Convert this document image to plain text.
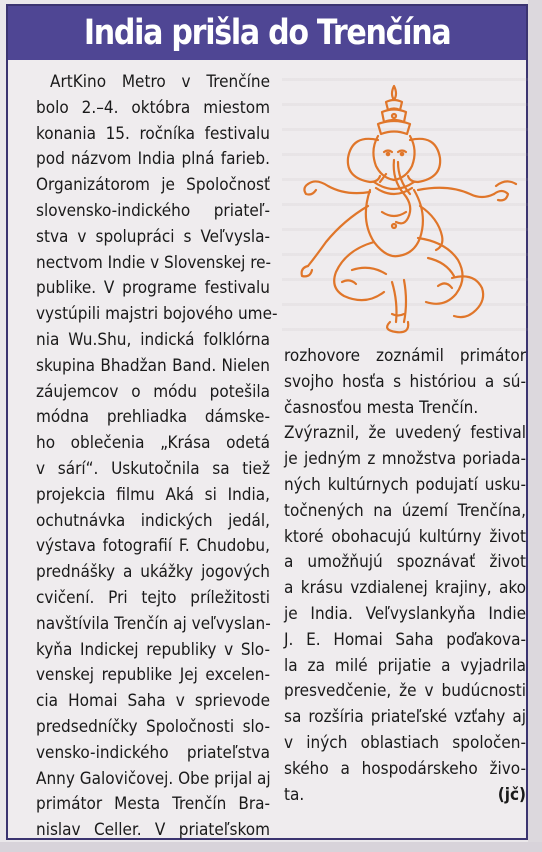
India prišla do Trenčína
ArtKino Metro v Trenčíne
bolo 2.–4. októbra miestom
konania 15. ročníka festivalu
pod názvom India plná farieb.
Organizátorom je Spoločnosť
slovensko-indického priateľ-
stva v spolupráci s Veľvysla-
nectvom Indie v Slovenskej re-
publike. V programe festivalu
vystúpili majstri bojového ume-
nia Wu.Shu, indická folklórna
skupina Bhadžan Band. Nielen
záujemcov o módu potešila
módna prehliadka dámske-
ho oblečenia „Krása odetá
v sárí“. Uskutočnila sa tiež
projekcia filmu Aká si India,
ochutnávka indických jedál,
výstava fotografií F. Chudobu,
prednášky a ukážky jogových
cvičení. Pri tejto príležitosti
navštívila Trenčín aj veľvyslan-
kyňa Indickej republiky v Slo-
venskej republike Jej excelen-
cia Homai Saha v sprievode
predsedníčky Spoločnosti slo-
vensko-indického priateľstva
Anny Galovičovej. Obe prijal aj
primátor Mesta Trenčín Bra-
nislav Celler. V priateľskom
rozhovore zoznámil primátor
svojho hosťa s históriou a sú-
časnosťou mesta Trenčín.
Zvýraznil, že uvedený festival
je jedným z množstva poriada-
ných kultúrnych podujatí usku-
točnených na území Trenčína,
ktoré obohacujú kultúrny život
a umožňujú spoznávať život
a krásu vzdialenej krajiny, ako
je India. Veľvyslankyňa Indie
J. E. Homai Saha poďakova-
la za milé prijatie a vyjadrila
presvedčenie, že v budúcnosti
sa rozšíria priateľské vzťahy aj
v iných oblastiach spoločen-
ského a hospodárskeho živo-
ta.	(jč)
